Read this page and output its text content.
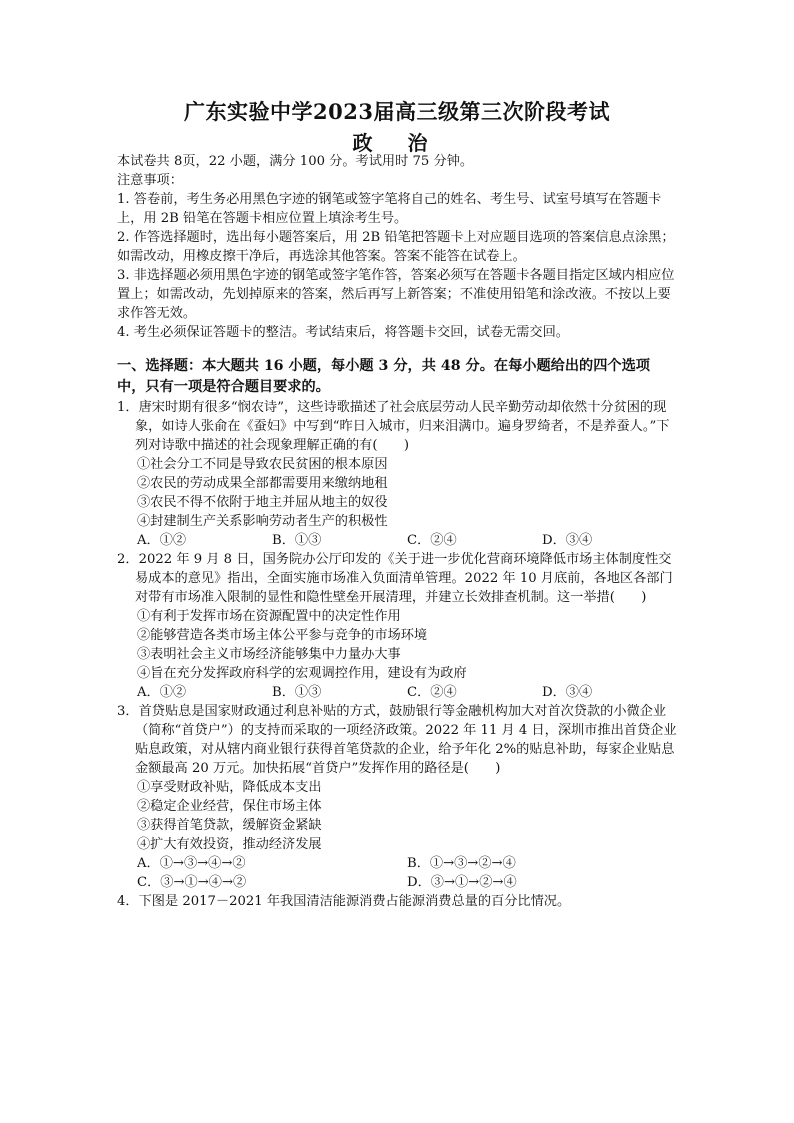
广东实验中学2023届高三级第三次阶段考试
政 治

本试卷共 8页，22 小题，满分 100 分。考试用时 75 分钟。

注意事项：

1. 答卷前，考生务必用黑色字迹的钢笔或签字笔将自己的姓名、考生号、试室号填写在答题卡上，用 2B 铅笔在答题卡相应位置上填涂考生号。

2. 作答选择题时，选出每小题答案后，用 2B 铅笔把答题卡上对应题目选项的答案信息点涂黑；如需改动，用橡皮擦干净后，再选涂其他答案。答案不能答在试卷上。

3. 非选择题必须用黑色字迹的钢笔或签字笔作答，答案必须写在答题卡各题目指定区域内相应位置上；如需改动，先划掉原来的答案，然后再写上新答案；不准使用铅笔和涂改液。不按以上要求作答无效。

4. 考生必须保证答题卡的整洁。考试结束后，将答题卡交回，试卷无需交回。

一、选择题：本大题共 16 小题，每小题 3 分，共 48 分。在每小题给出的四个选项中，只有一项是符合题目要求的。

1．唐宋时期有很多“悯农诗”，这些诗歌描述了社会底层劳动人民辛勤劳动却依然十分贫困的现象，如诗人张俞在《蚕妇》中写到“昨日入城市，归来泪满巾。遍身罗绮者，不是养蚕人。”下列对诗歌中描述的社会现象理解正确的有(　　)

①社会分工不同是导致农民贫困的根本原因

②农民的劳动成果全部都需要用来缴纳地租

③农民不得不依附于地主并屈从地主的奴役

④封建制生产关系影响劳动者生产的积极性

A．①②	B．①③	C．②④	D．③④

2．2022 年 9 月 8 日，国务院办公厅印发的《关于进一步优化营商环境降低市场主体制度性交易成本的意见》指出，全面实施市场准入负面清单管理。2022 年 10 月底前，各地区各部门对带有市场准入限制的显性和隐性壁垒开展清理，并建立长效排查机制。这一举措(　　)

①有利于发挥市场在资源配置中的决定性作用

②能够营造各类市场主体公平参与竞争的市场环境

③表明社会主义市场经济能够集中力量办大事

④旨在充分发挥政府科学的宏观调控作用，建设有为政府

A．①②	B．①③	C．②④	D．③④

3．首贷贴息是国家财政通过利息补贴的方式，鼓励银行等金融机构加大对首次贷款的小微企业（简称“首贷户”）的支持而采取的一项经济政策。2022 年 11 月 4 日，深圳市推出首贷企业贴息政策，对从辖内商业银行获得首笔贷款的企业，给予年化 2%的贴息补助，每家企业贴息金额最高 20 万元。加快拓展“首贷户”发挥作用的路径是(　　)

①享受财政补贴，降低成本支出

②稳定企业经营，保住市场主体

③获得首笔贷款，缓解资金紧缺

④扩大有效投资，推动经济发展

A．①→③→④→②	B．①→③→②→④

C．③→①→④→②	D．③→①→②→④

4．下图是 2017－2021 年我国清洁能源消费占能源消费总量的百分比情况。
